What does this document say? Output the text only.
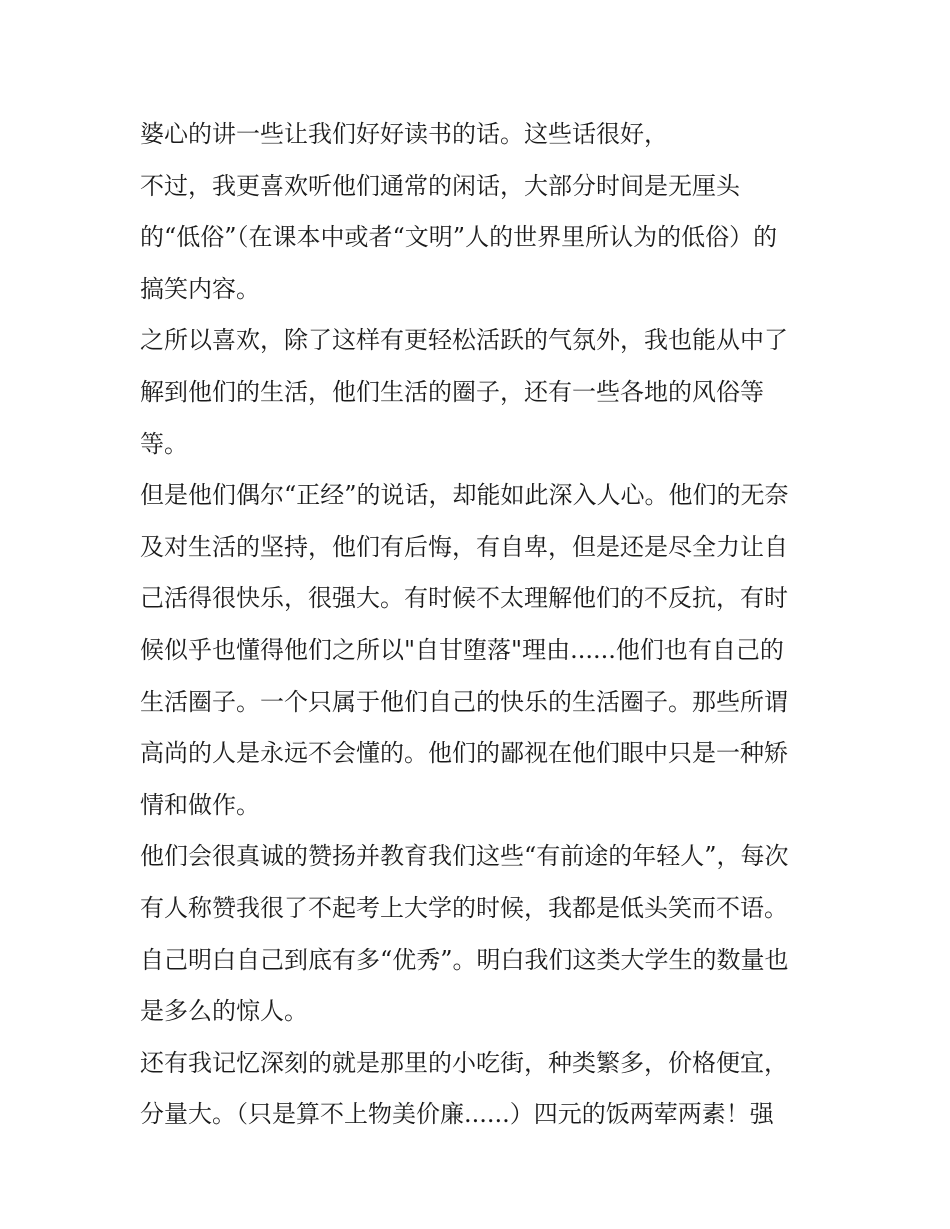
婆心的讲一些让我们好好读书的话。这些话很好，
不过，我更喜欢听他们通常的闲话，大部分时间是无厘头
的“低俗”（在课本中或者“文明”人的世界里所认为的低俗）的
搞笑内容。
之所以喜欢，除了这样有更轻松活跃的气氛外，我也能从中了
解到他们的生活，他们生活的圈子，还有一些各地的风俗等
等。
但是他们偶尔“正经”的说话，却能如此深入人心。他们的无奈
及对生活的坚持，他们有后悔，有自卑，但是还是尽全力让自
己活得很快乐，很强大。有时候不太理解他们的不反抗，有时
候似乎也懂得他们之所以"自甘堕落"理由......他们也有自己的
生活圈子。一个只属于他们自己的快乐的生活圈子。那些所谓
高尚的人是永远不会懂的。他们的鄙视在他们眼中只是一种矫
情和做作。
他们会很真诚的赞扬并教育我们这些“有前途的年轻人”，每次
有人称赞我很了不起考上大学的时候，我都是低头笑而不语。
自己明白自己到底有多“优秀”。明白我们这类大学生的数量也
是多么的惊人。
还有我记忆深刻的就是那里的小吃街，种类繁多，价格便宜，
分量大。（只是算不上物美价廉......）四元的饭两荤两素！强
